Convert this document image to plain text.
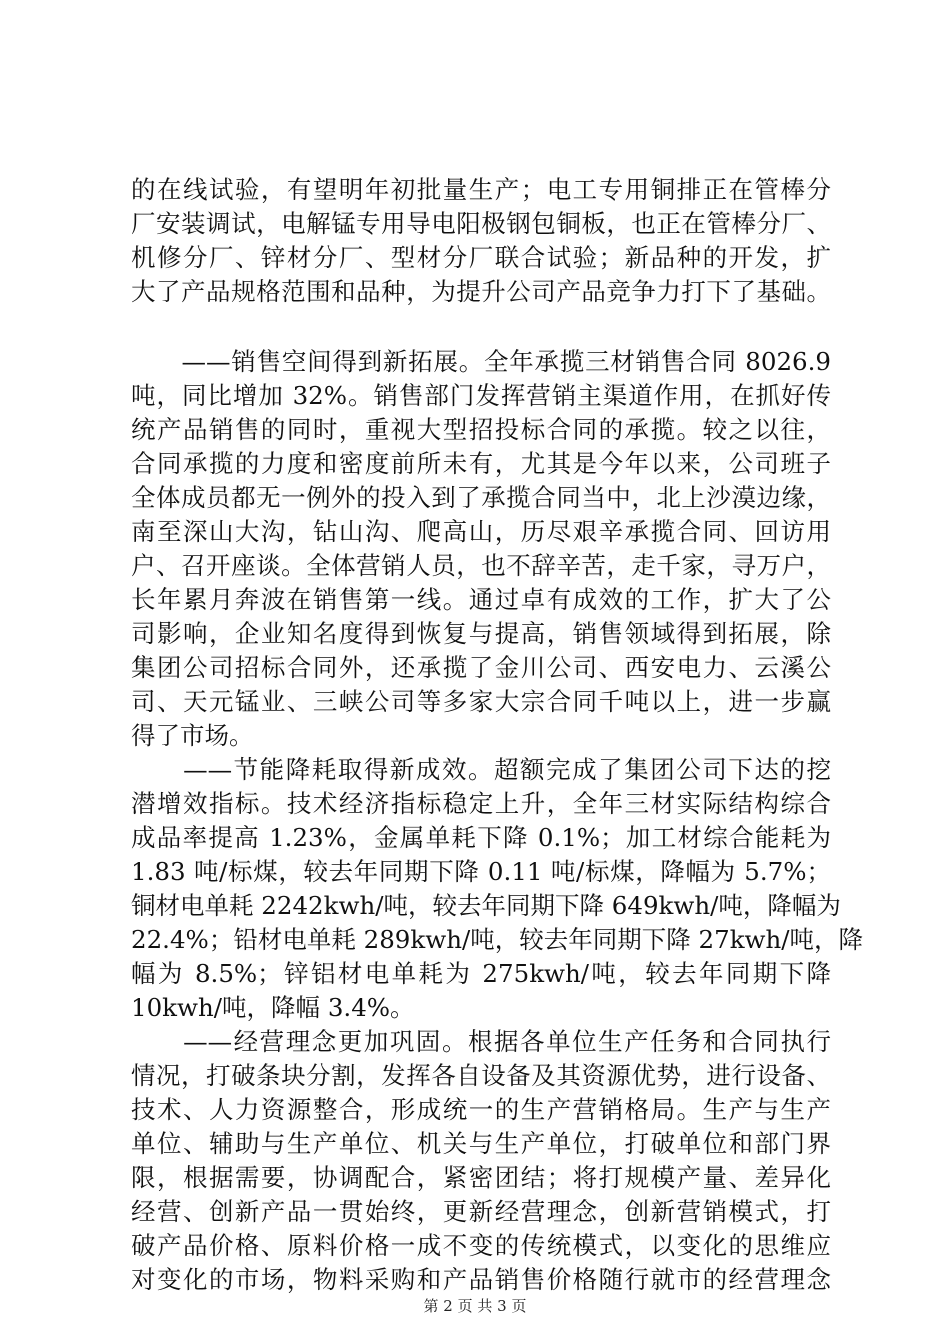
的在线试验，有望明年初批量生产；电工专用铜排正在管棒分
厂安装调试，电解锰专用导电阳极钢包铜板，也正在管棒分厂、
机修分厂、锌材分厂、型材分厂联合试验；新品种的开发，扩
大了产品规格范围和品种，为提升公司产品竞争力打下了基础。
　　——销售空间得到新拓展。全年承揽三材销售合同 8026.9
吨，同比增加 32%。销售部门发挥营销主渠道作用，在抓好传
统产品销售的同时，重视大型招投标合同的承揽。较之以往，
合同承揽的力度和密度前所未有，尤其是今年以来，公司班子
全体成员都无一例外的投入到了承揽合同当中，北上沙漠边缘，
南至深山大沟，钻山沟、爬高山，历尽艰辛承揽合同、回访用
户、召开座谈。全体营销人员，也不辞辛苦，走千家，寻万户，
长年累月奔波在销售第一线。通过卓有成效的工作，扩大了公
司影响，企业知名度得到恢复与提高，销售领域得到拓展，除
集团公司招标合同外，还承揽了金川公司、西安电力、云溪公
司、天元锰业、三峡公司等多家大宗合同千吨以上，进一步赢
得了市场。
　　——节能降耗取得新成效。超额完成了集团公司下达的挖
潜增效指标。技术经济指标稳定上升，全年三材实际结构综合
成品率提高 1.23%，金属单耗下降 0.1%；加工材综合能耗为
1.83 吨/标煤，较去年同期下降 0.11 吨/标煤，降幅为 5.7%；
铜材电单耗 2242kwh/吨，较去年同期下降 649kwh/吨，降幅为
22.4%；铅材电单耗 289kwh/吨，较去年同期下降 27kwh/吨，降
幅为 8.5%；锌铝材电单耗为 275kwh/吨，较去年同期下降
10kwh/吨，降幅 3.4%。
　　——经营理念更加巩固。根据各单位生产任务和合同执行
情况，打破条块分割，发挥各自设备及其资源优势，进行设备、
技术、人力资源整合，形成统一的生产营销格局。生产与生产
单位、辅助与生产单位、机关与生产单位，打破单位和部门界
限，根据需要，协调配合，紧密团结；将打规模产量、差异化
经营、创新产品一贯始终，更新经营理念，创新营销模式，打
破产品价格、原料价格一成不变的传统模式，以变化的思维应
对变化的市场，物料采购和产品销售价格随行就市的经营理念
第 2 页 共 3 页
